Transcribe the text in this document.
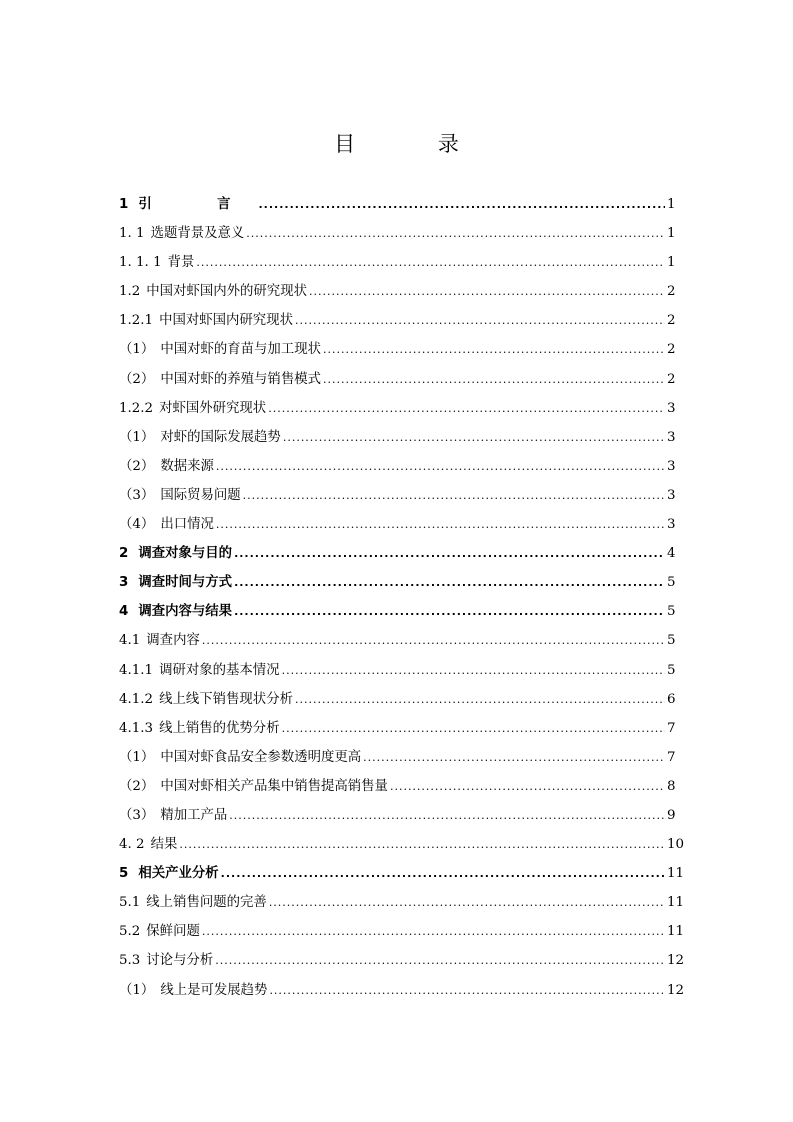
目 录
1 引　言 .....	1
1. 1 选题背景及意义 .....	1
1. 1. 1 背景 .....	1
1.2 中国对虾国内外的研究现状 .....	2
1.2.1 中国对虾国内研究现状 .....	2
（1） 中国对虾的育苗与加工现状 .....	2
（2） 中国对虾的养殖与销售模式 .....	2
1.2.2 对虾国外研究现状 .....	3
（1） 对虾的国际发展趋势 .....	3
（2） 数据来源 .....	3
（3） 国际贸易问题 .....	3
（4） 出口情况 .....	3
2 调查对象与目的 .....	4
3 调查时间与方式 .....	5
4 调查内容与结果 .....	5
4.1 调查内容 .....	5
4.1.1 调研对象的基本情况 .....	5
4.1.2 线上线下销售现状分析 .....	6
4.1.3 线上销售的优势分析 .....	7
（1） 中国对虾食品安全参数透明度更高 .....	7
（2） 中国对虾相关产品集中销售提高销售量 .....	8
（3） 精加工产品 .....	9
4. 2 结果 .....	10
5 相关产业分析 .....	11
5.1 线上销售问题的完善 .....	11
5.2 保鲜问题 .....	11
5.3 讨论与分析 .....	12
（1） 线上是可发展趋势 .....	12
